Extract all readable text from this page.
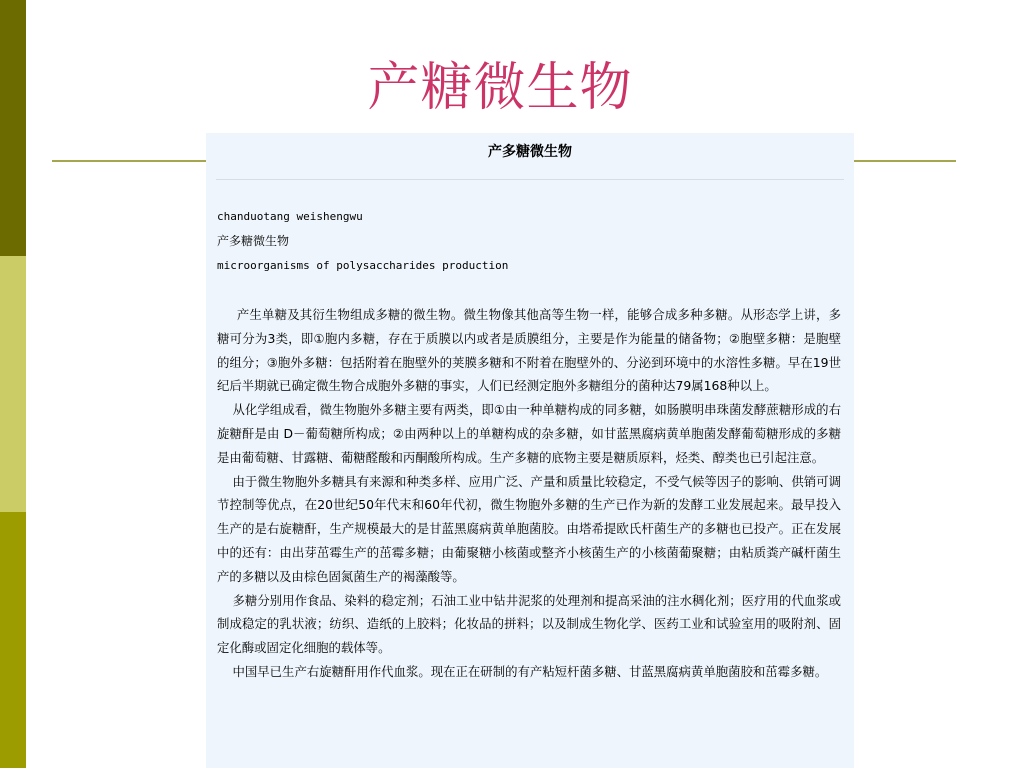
产糖微生物
产多糖微生物
chanduotang weishengwu
产多糖微生物
microorganisms of polysaccharides production

产生单糖及其衍生物组成多糖的微生物。微生物像其他高等生物一样，能够合成多种多糖。从形态学上讲，多糖可分为3类，即①胞内多糖，存在于质膜以内或者是质膜组分，主要是作为能量的储备物；②胞壁多糖：是胞壁的组分；③胞外多糖：包括附着在胞壁外的荚膜多糖和不附着在胞壁外的、分泌到环境中的水溶性多糖。早在19世纪后半期就已确定微生物合成胞外多糖的事实，人们已经测定胞外多糖组分的菌种达79属168种以上。

从化学组成看，微生物胞外多糖主要有两类，即①由一种单糖构成的同多糖，如肠膜明串珠菌发酵蔗糖形成的右旋糖酐是由 D－葡萄糖所构成；②由两种以上的单糖构成的杂多糖，如甘蓝黑腐病黄单胞菌发酵葡萄糖形成的多糖是由葡萄糖、甘露糖、葡糖醛酸和丙酮酸所构成。生产多糖的底物主要是糖质原料，烃类、醇类也已引起注意。

由于微生物胞外多糖具有来源和种类多样、应用广泛、产量和质量比较稳定，不受气候等因子的影响、供销可调节控制等优点，在20世纪50年代末和60年代初，微生物胞外多糖的生产已作为新的发酵工业发展起来。最早投入生产的是右旋糖酐，生产规模最大的是甘蓝黑腐病黄单胞菌胶。由塔希提欧氏杆菌生产的多糖也已投产。正在发展中的还有：由出芽茁霉生产的茁霉多糖；由葡聚糖小核菌或整齐小核菌生产的小核菌葡聚糖；由粘质粪产碱杆菌生产的多糖以及由棕色固氮菌生产的褐藻酸等。

多糖分别用作食品、染料的稳定剂；石油工业中钻井泥浆的处理剂和提高采油的注水稠化剂；医疗用的代血浆或制成稳定的乳状液；纺织、造纸的上胶料；化妆品的拼料；以及制成生物化学、医药工业和试验室用的吸附剂、固定化酶或固定化细胞的载体等。

中国早已生产右旋糖酐用作代血浆。现在正在研制的有产粘短杆菌多糖、甘蓝黑腐病黄单胞菌胶和茁霉多糖。
